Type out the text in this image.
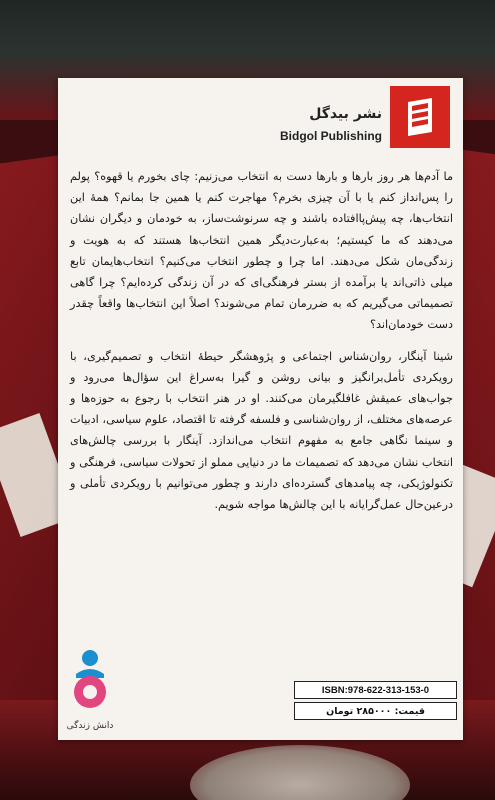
نشر بیدگل
Bidgol Publishing

ما آدم‌ها هر روز بارها و بارها دست به انتخاب می‌زنیم: چای بخورم یا قهوه؟ پولم را پس‌انداز کنم یا با آن چیزی بخرم؟ مهاجرت کنم یا همین جا بمانم؟ همهٔ این انتخاب‌ها، چه پیش‌پاافتاده باشند و چه سرنوشت‌ساز، به خودمان و دیگران نشان می‌دهند که ما کیستیم؛ به‌عبارت‌دیگر همین انتخاب‌ها هستند که به هویت و زندگی‌مان شکل می‌دهند. اما چرا و چطور انتخاب می‌کنیم؟ انتخاب‌هایمان تابع میلی ذاتی‌اند یا برآمده از بستر فرهنگی‌ای که در آن زندگی کرده‌ایم؟ چرا گاهی تصمیماتی می‌گیریم که به ضررمان تمام می‌شوند؟ اصلاً این انتخاب‌ها واقعاً چقدر دست خودمان‌اند؟

شینا آینگار، روان‌شناس اجتماعی و پژوهشگر حیطهٔ انتخاب و تصمیم‌گیری، با رویکردی تأمل‌برانگیز و بیانی روشن و گیرا به‌سراغ این سؤال‌ها می‌رود و جواب‌های عمیقش غافلگیرمان می‌کنند. او در هنر انتخاب با رجوع به حوزه‌ها و عرصه‌های مختلف، از روان‌شناسی و فلسفه گرفته تا اقتصاد، علوم سیاسی، ادبیات و سینما نگاهی جامع به مفهوم انتخاب می‌اندازد. آینگار با بررسی چالش‌های انتخاب نشان می‌دهد که تصمیمات ما در دنیایی مملو از تحولات سیاسی، فرهنگی و تکنولوژیکی، چه پیامدهای گسترده‌ای دارند و چطور می‌توانیم با رویکردی تأملی و درعین‌حال عمل‌گرایانه با این چالش‌ها مواجه شویم.

دانش زندگی
ISBN:978-622-313-153-0
قیمت: ۲۸۵۰۰۰ تومان
